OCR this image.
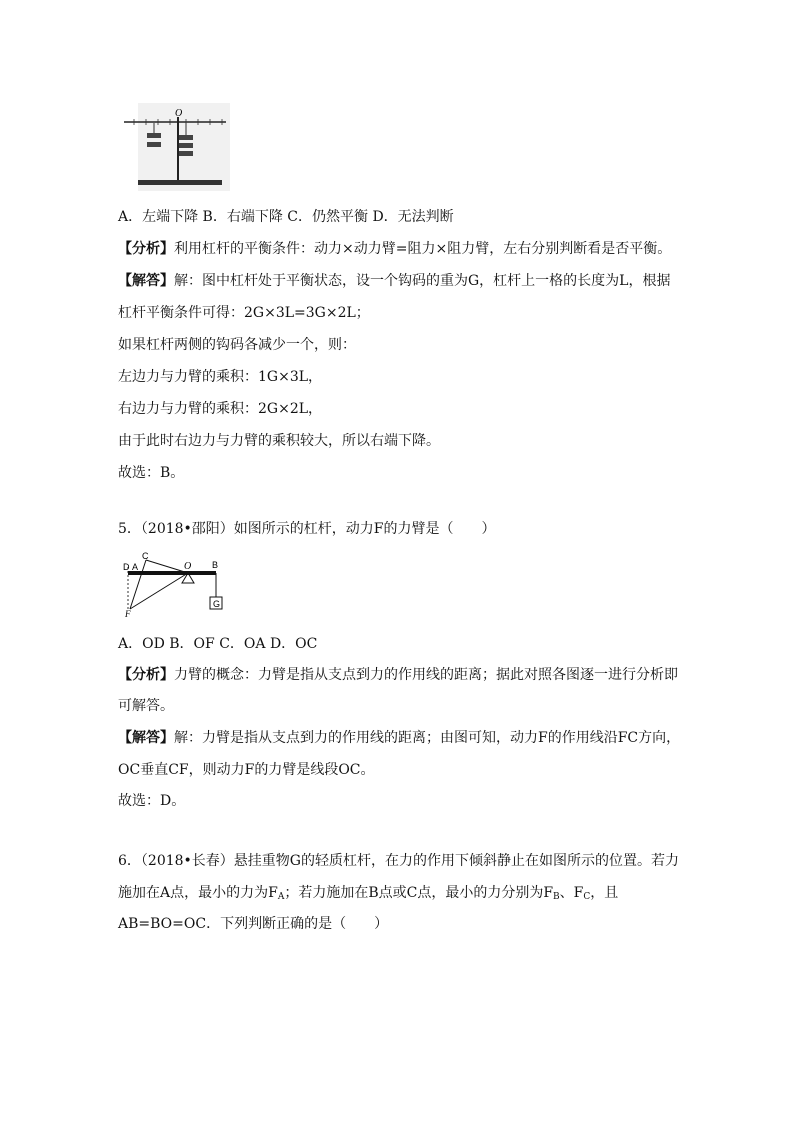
O

A．左端下降 B．右端下降 C．仍然平衡 D．无法判断

【分析】利用杠杆的平衡条件：动力×动力臂=阻力×阻力臂，左右分别判断看是否平衡。

【解答】解：图中杠杆处于平衡状态，设一个钩码的重为G，杠杆上一格的长度为L，根据

杠杆平衡条件可得：2G×3L=3G×2L；

如果杠杆两侧的钩码各减少一个，则：

左边力与力臂的乘积：1G×3L，

右边力与力臂的乘积：2G×2L，

由于此时右边力与力臂的乘积较大，所以右端下降。

故选：B。

5．（2018•邵阳）如图所示的杠杆，动力F的力臂是（　　）

C
D A	O B
F
G

A．OD B．OF C．OA D．OC

【分析】力臂的概念：力臂是指从支点到力的作用线的距离；据此对照各图逐一进行分析即

可解答。

【解答】解：力臂是指从支点到力的作用线的距离；由图可知，动力F的作用线沿FC方向，

OC垂直CF，则动力F的力臂是线段OC。

故选：D。

6．（2018•长春）悬挂重物G的轻质杠杆，在力的作用下倾斜静止在如图所示的位置。若力

施加在A点，最小的力为$F_A$；若力施加在B点或C点，最小的力分别为$F_B$、$F_C$，且

AB=BO=OC．下列判断正确的是（　　）
